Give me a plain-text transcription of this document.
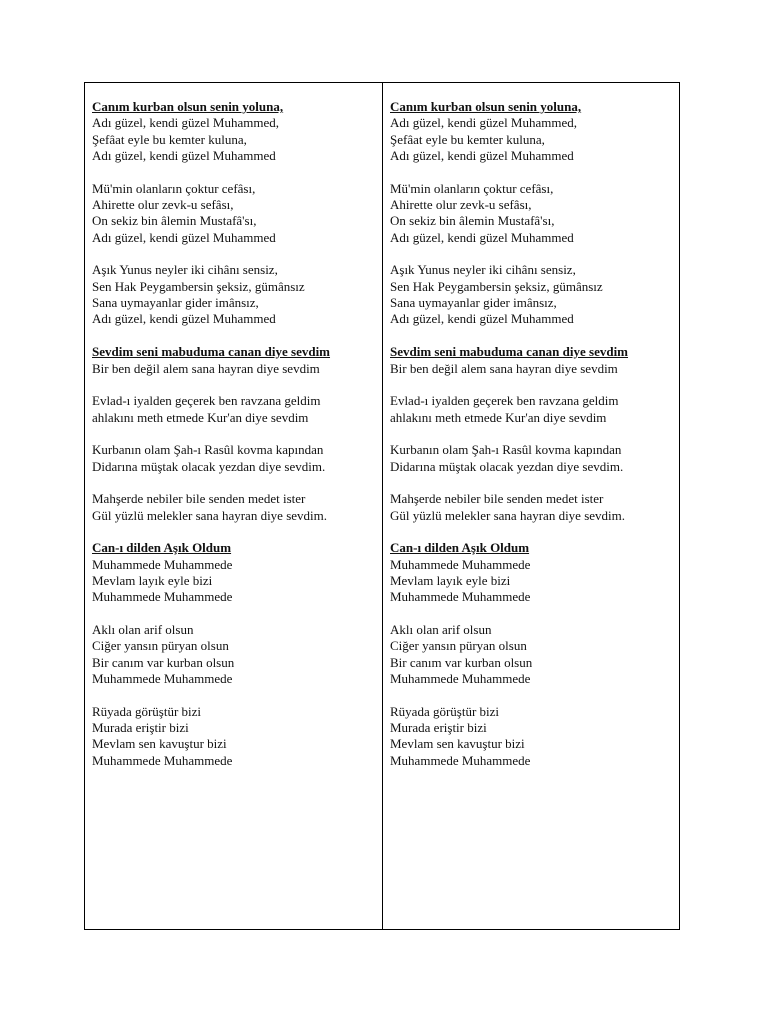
Canım kurban olsun senin yoluna,
Adı güzel, kendi güzel Muhammed,
Şefâat eyle bu kemter kuluna,
Adı güzel, kendi güzel Muhammed
Mü'min olanların çoktur cefâsı,
Ahirette olur zevk-u sefâsı,
On sekiz bin âlemin Mustafâ'sı,
Adı güzel, kendi güzel Muhammed
Aşık Yunus neyler iki cihânı sensiz,
Sen Hak Peygambersin şeksiz, gümânsız
Sana uymayanlar gider imânsız,
Adı güzel, kendi güzel Muhammed
Sevdim seni mabuduma canan diye sevdim
Bir ben değil alem sana hayran diye sevdim
Evlad-ı iyalden geçerek ben ravzana geldim
ahlakını meth etmede Kur'an diye sevdim
Kurbanın olam Şah-ı Rasûl kovma kapından
Didarına müştak olacak yezdan diye sevdim.
Mahşerde nebiler bile senden medet ister
Gül yüzlü melekler sana hayran diye sevdim.
Can-ı dilden Aşık Oldum
Muhammede Muhammede
Mevlam layık eyle bizi
Muhammede Muhammede
Aklı olan arif olsun
Ciğer yansın püryan olsun
Bir canım var kurban olsun
Muhammede Muhammede
Rüyada görüştür bizi
Murada eriştir bizi
Mevlam sen kavuştur bizi
Muhammede Muhammede
Canım kurban olsun senin yoluna,
Adı güzel, kendi güzel Muhammed,
Şefâat eyle bu kemter kuluna,
Adı güzel, kendi güzel Muhammed
Mü'min olanların çoktur cefâsı,
Ahirette olur zevk-u sefâsı,
On sekiz bin âlemin Mustafâ'sı,
Adı güzel, kendi güzel Muhammed
Aşık Yunus neyler iki cihânı sensiz,
Sen Hak Peygambersin şeksiz, gümânsız
Sana uymayanlar gider imânsız,
Adı güzel, kendi güzel Muhammed
Sevdim seni mabuduma canan diye sevdim
Bir ben değil alem sana hayran diye sevdim
Evlad-ı iyalden geçerek ben ravzana geldim
ahlakını meth etmede Kur'an diye sevdim
Kurbanın olam Şah-ı Rasûl kovma kapından
Didarına müştak olacak yezdan diye sevdim.
Mahşerde nebiler bile senden medet ister
Gül yüzlü melekler sana hayran diye sevdim.
Can-ı dilden Aşık Oldum
Muhammede Muhammede
Mevlam layık eyle bizi
Muhammede Muhammede
Aklı olan arif olsun
Ciğer yansın püryan olsun
Bir canım var kurban olsun
Muhammede Muhammede
Rüyada görüştür bizi
Murada eriştir bizi
Mevlam sen kavuştur bizi
Muhammede Muhammede
